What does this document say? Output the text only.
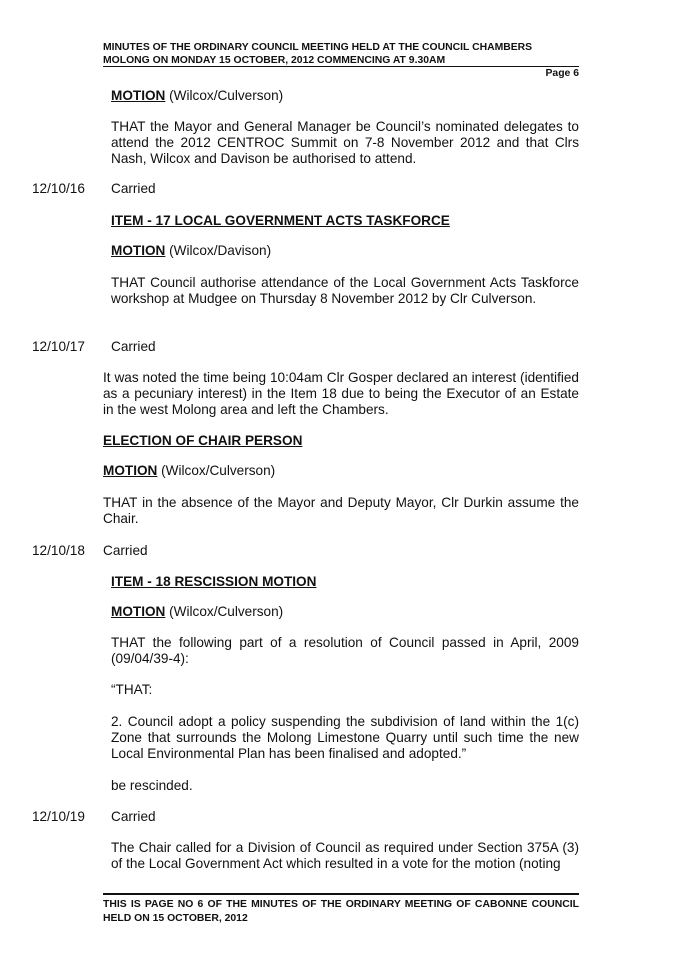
MINUTES OF THE ORDINARY COUNCIL MEETING HELD AT THE COUNCIL CHAMBERS
MOLONG ON MONDAY 15 OCTOBER, 2012 COMMENCING AT 9.30AM
Page 6

MOTION (Wilcox/Culverson)

THAT the Mayor and General Manager be Council’s nominated delegates to attend the 2012 CENTROC Summit on 7-8 November 2012 and that Clrs Nash, Wilcox and Davison be authorised to attend.

12/10/16 Carried

ITEM - 17 LOCAL GOVERNMENT ACTS TASKFORCE

MOTION (Wilcox/Davison)

THAT Council authorise attendance of the Local Government Acts Taskforce workshop at Mudgee on Thursday 8 November 2012 by Clr Culverson.

12/10/17 Carried

It was noted the time being 10:04am Clr Gosper declared an interest (identified as a pecuniary interest) in the Item 18 due to being the Executor of an Estate in the west Molong area and left the Chambers.

ELECTION OF CHAIR PERSON

MOTION (Wilcox/Culverson)

THAT in the absence of the Mayor and Deputy Mayor, Clr Durkin assume the Chair.

12/10/18 Carried

ITEM - 18 RESCISSION MOTION

MOTION (Wilcox/Culverson)

THAT the following part of a resolution of Council passed in April, 2009 (09/04/39-4):

“THAT:

2. Council adopt a policy suspending the subdivision of land within the 1(c) Zone that surrounds the Molong Limestone Quarry until such time the new Local Environmental Plan has been finalised and adopted.”

be rescinded.

12/10/19 Carried

The Chair called for a Division of Council as required under Section 375A (3) of the Local Government Act which resulted in a vote for the motion (noting

THIS IS PAGE NO 6 OF THE MINUTES OF THE ORDINARY MEETING OF CABONNE COUNCIL HELD ON 15 OCTOBER, 2012
